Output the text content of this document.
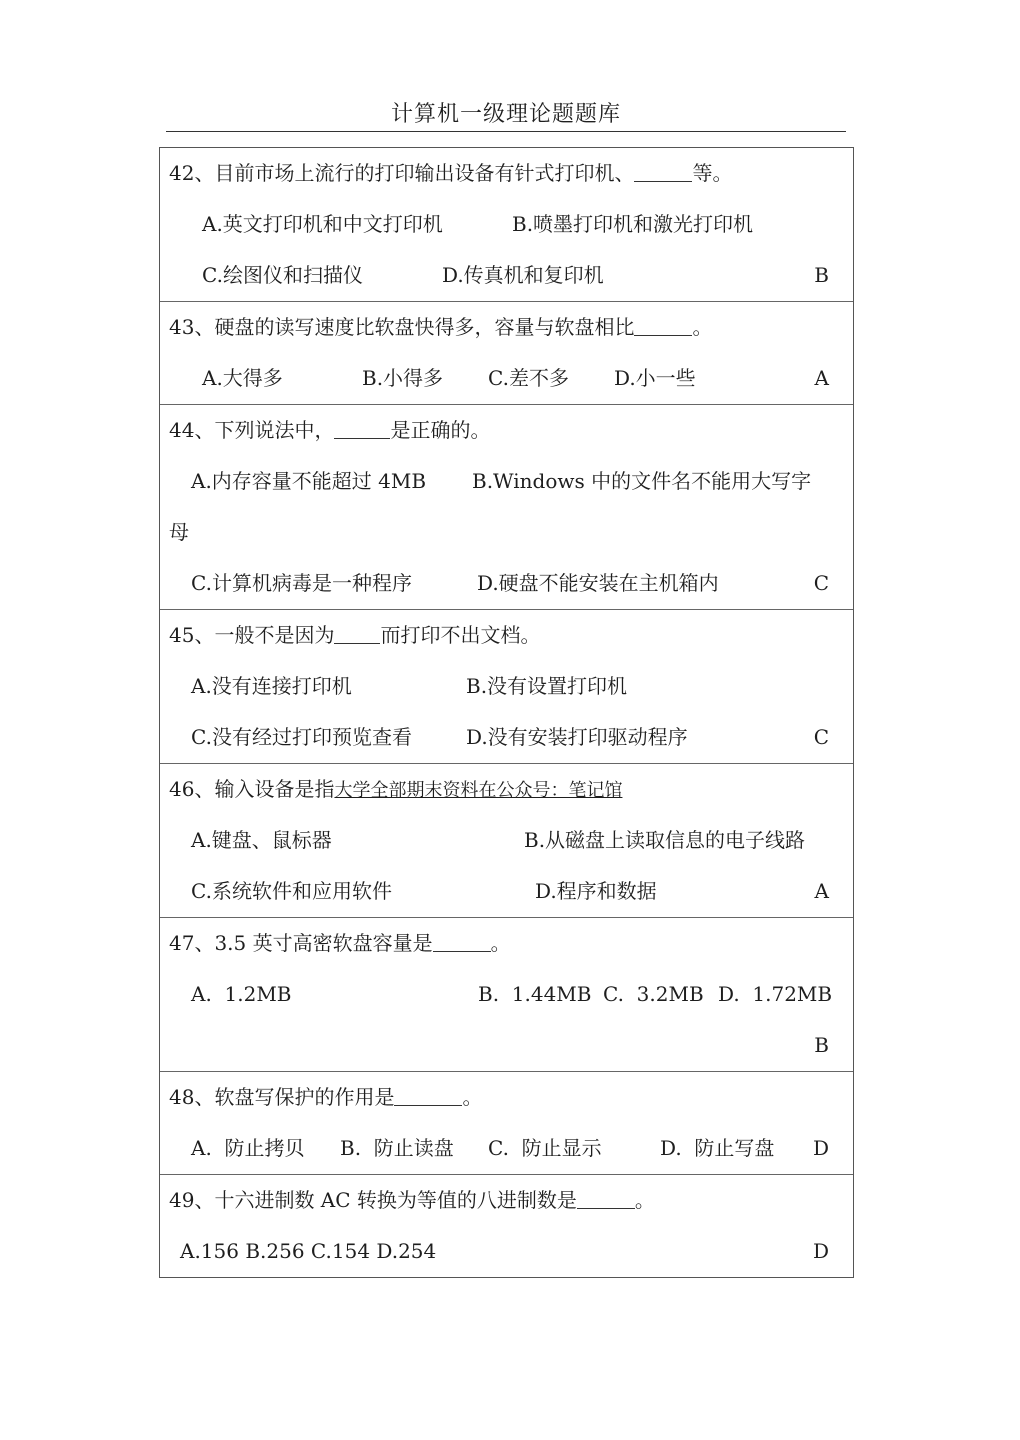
计算机一级理论题题库
42、目前市场上流行的打印输出设备有针式打印机、	等。
A.英文打印机和中文打印机	B.喷墨打印机和激光打印机
C.绘图仪和扫描仪	D.传真机和复印机	B
43、硬盘的读写速度比软盘快得多，容量与软盘相比	。
A.大得多	B.小得多 C.差不多 D.小一些	A
44、下列说法中，	是正确的。
A.内存容量不能超过 4MB B.Windows 中的文件名不能用大写字
母
C.计算机病毒是一种程序	D.硬盘不能安装在主机箱内	C
45、一般不是因为 而打印不出文档。
A.没有连接打印机	B.没有设置打印机
C.没有经过打印预览查看	D.没有安装打印驱动程序	C
46、输入设备是指大学全部期末资料在公众号：笔记馆
A.键盘、鼠标器	B.从磁盘上读取信息的电子线路
C.系统软件和应用软件	D.程序和数据	A
47、3.5 英寸高密软盘容量是	。
A.  1.2MB	B.  1.44MB C.  3.2MB D.  1.72MB
B
48、软盘写保护的作用是	。
A.  防止拷贝 B.  防止读盘 C.  防止显示	D.  防止写盘 D
49、十六进制数 AC 转换为等值的八进制数是	。
A.156 B.256 C.154 D.254	D
